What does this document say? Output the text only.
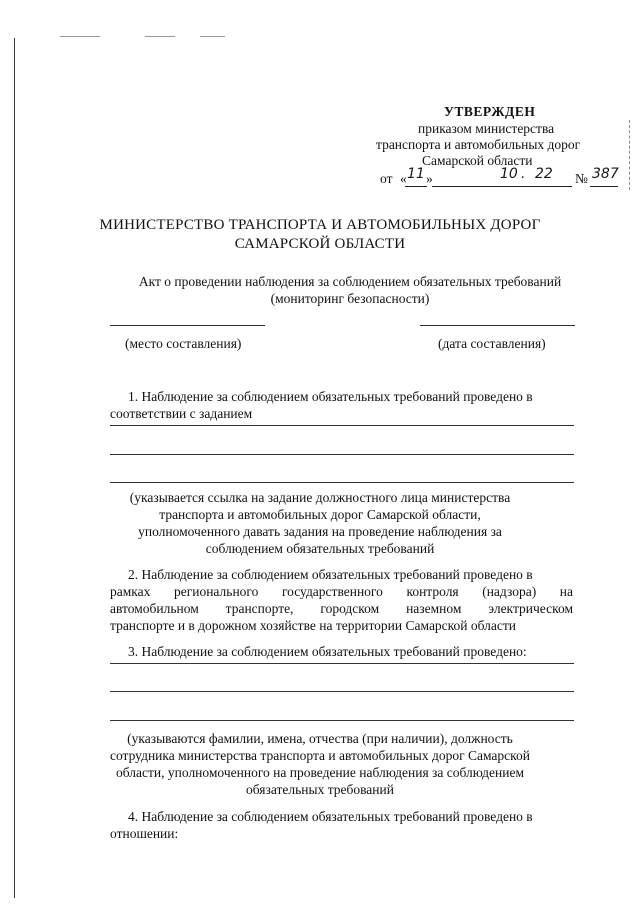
УТВЕРЖДЕН
приказом министерства
транспорта и автомобильных дорог
Самарской области
от « 11 »	10 . 22 № 387
МИНИСТЕРСТВО ТРАНСПОРТА И АВТОМОБИЛЬНЫХ ДОРОГ
САМАРСКОЙ ОБЛАСТИ
Акт о проведении наблюдения за соблюдением обязательных требований
(мониторинг безопасности)
(место составления)	(дата составления)
1. Наблюдение за соблюдением обязательных требований проведено в
соответствии с заданием
(указывается ссылка на задание должностного лица министерства
транспорта и автомобильных дорог Самарской области,
уполномоченного давать задания на проведение наблюдения за
соблюдением обязательных требований
2. Наблюдение за соблюдением обязательных требований проведено в
рамках регионального государственного контроля (надзора) на
автомобильном транспорте, городском наземном электрическом
транспорте и в дорожном хозяйстве на территории Самарской области
3. Наблюдение за соблюдением обязательных требований проведено:
(указываются фамилии, имена, отчества (при наличии), должность
сотрудника министерства транспорта и автомобильных дорог Самарской
области, уполномоченного на проведение наблюдения за соблюдением
обязательных требований
4. Наблюдение за соблюдением обязательных требований проведено в
отношении:
